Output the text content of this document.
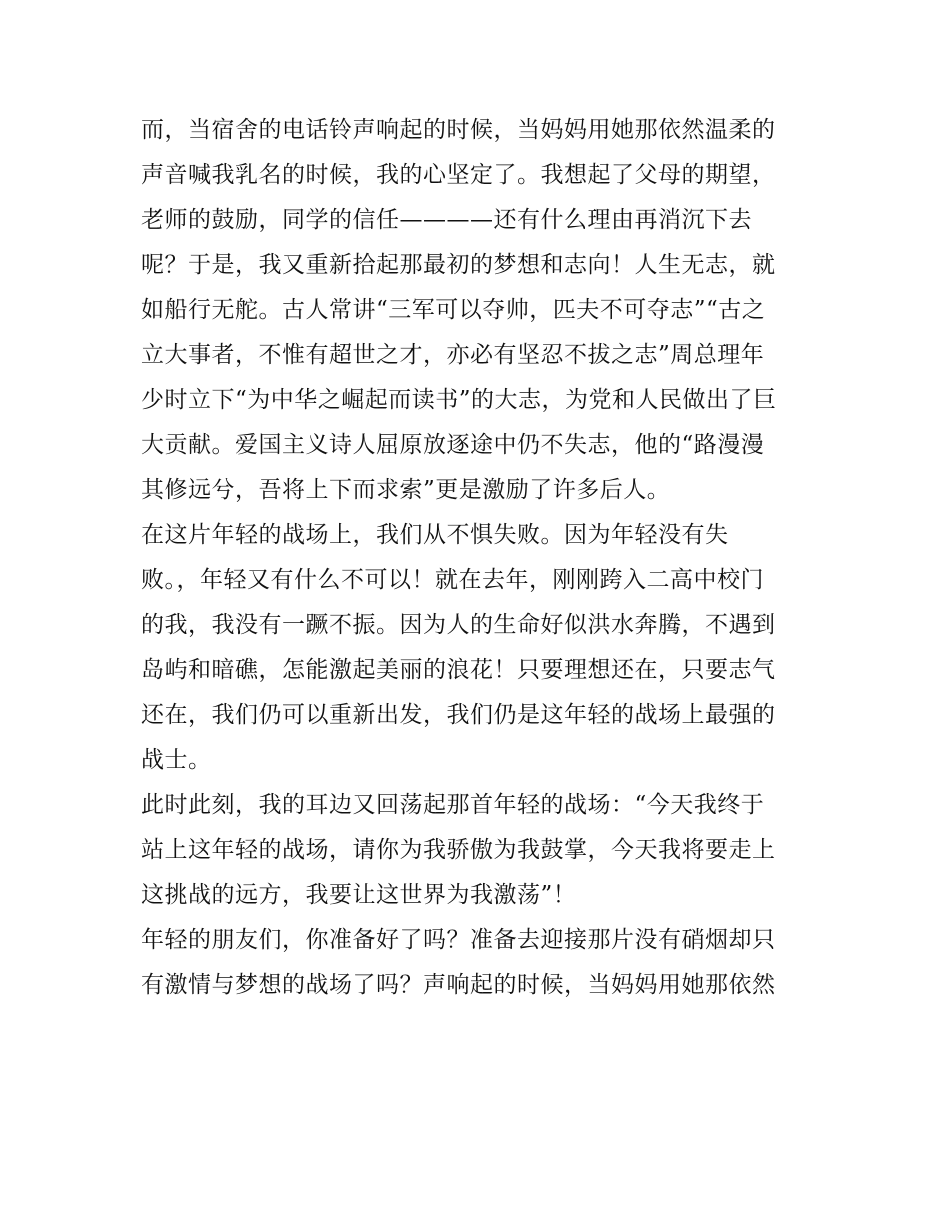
而，当宿舍的电话铃声响起的时候，当妈妈用她那依然温柔的
声音喊我乳名的时候，我的心坚定了。我想起了父母的期望，
老师的鼓励，同学的信任————还有什么理由再消沉下去
呢？于是，我又重新拾起那最初的梦想和志向！人生无志，就
如船行无舵。古人常讲“三军可以夺帅，匹夫不可夺志”“古之
立大事者，不惟有超世之才，亦必有坚忍不拔之志”周总理年
少时立下“为中华之崛起而读书”的大志，为党和人民做出了巨
大贡献。爱国主义诗人屈原放逐途中仍不失志，他的“路漫漫
其修远兮，吾将上下而求索”更是激励了许多后人。
在这片年轻的战场上，我们从不惧失败。因为年轻没有失
败。，年轻又有什么不可以！就在去年，刚刚跨入二高中校门
的我，我没有一蹶不振。因为人的生命好似洪水奔腾，不遇到
岛屿和暗礁，怎能激起美丽的浪花！只要理想还在，只要志气
还在，我们仍可以重新出发，我们仍是这年轻的战场上最强的
战士。
此时此刻，我的耳边又回荡起那首年轻的战场：“今天我终于
站上这年轻的战场，请你为我骄傲为我鼓掌，今天我将要走上
这挑战的远方，我要让这世界为我激荡”！
年轻的朋友们，你准备好了吗？准备去迎接那片没有硝烟却只
有激情与梦想的战场了吗？声响起的时候，当妈妈用她那依然
